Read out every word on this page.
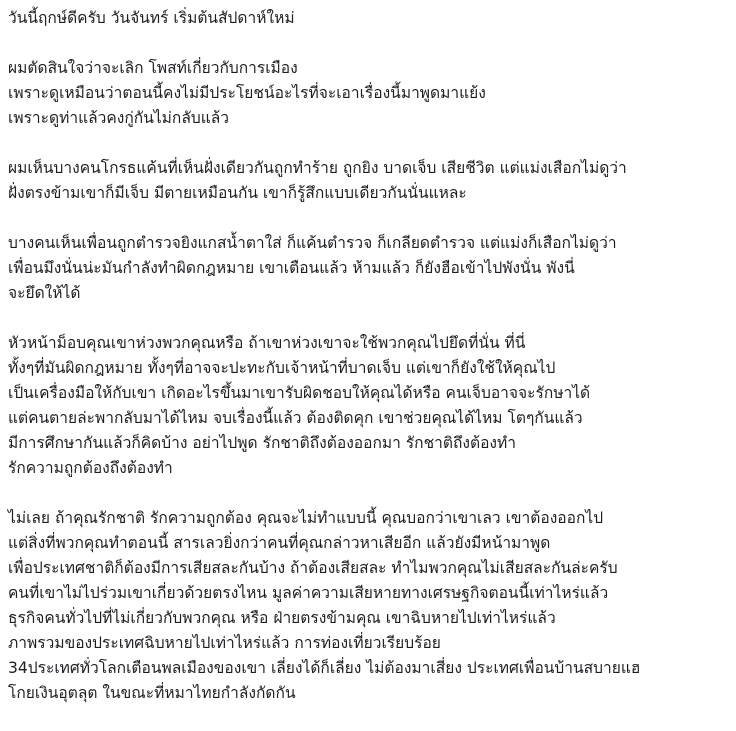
วันนี้ฤกษ์ดีครับ วันจันทร์ เริ่มต้นสัปดาห์ใหม่
ผมตัดสินใจว่าจะเลิก โพสท์เกี่ยวกับการเมือง
เพราะดูเหมือนว่าตอนนี้คงไม่มีประโยชน์อะไรที่จะเอาเรื่องนี้มาพูดมาแย้ง
เพราะดูท่าแล้วคงกู่กันไม่กลับแล้ว
ผมเห็นบางคนโกรธแค้นที่เห็นฝั่งเดียวกันถูกทำร้าย ถูกยิง บาดเจ็บ เสียชีวิต แต่แม่งเสือกไม่ดูว่า
ฝั่งตรงข้ามเขาก็มีเจ็บ มีตายเหมือนกัน เขาก็รู้สึกแบบเดียวกันนั่นแหละ
บางคนเห็นเพื่อนถูกตำรวจยิงแกสน้ำตาใส่ ก็แค้นตำรวจ ก็เกลียดตำรวจ แต่แม่งก็เสือกไม่ดูว่า
เพื่อนมึงนั่นน่ะมันกำลังทำผิดกฎหมาย เขาเตือนแล้ว ห้ามแล้ว ก็ยังฮือเข้าไปพังนั่น พังนี่
จะยึดให้ได้
หัวหน้าม็อบคุณเขาห่วงพวกคุณหรือ ถ้าเขาห่วงเขาจะใช้พวกคุณไปยึดที่นั่น ที่นี่
ทั้งๆที่มันผิดกฎหมาย ทั้งๆที่อาจจะปะทะกับเจ้าหน้าที่บาดเจ็บ แต่เขาก็ยังใช้ให้คุณไป
เป็นเครื่องมือให้กับเขา เกิดอะไรขึ้นมาเขารับผิดชอบให้คุณได้หรือ คนเจ็บอาจจะรักษาได้
แต่คนตายล่ะพากลับมาได้ไหม จบเรื่องนี้แล้ว ต้องติดคุก เขาช่วยคุณได้ไหม โตๆกันแล้ว
มีการศึกษากันแล้วก็คิดบ้าง อย่าไปพูด รักชาติถึงต้องออกมา รักชาติถึงต้องทำ
รักความถูกต้องถึงต้องทำ
ไม่เลย ถ้าคุณรักชาติ รักความถูกต้อง คุณจะไม่ทำแบบนี้ คุณบอกว่าเขาเลว เขาต้องออกไป
แต่สิ่งที่พวกคุณทำตอนนี้ สารเลวยิ่งกว่าคนที่คุณกล่าวหาเสียอีก แล้วยังมีหน้ามาพูด
เพื่อประเทศชาติก็ต้องมีการเสียสละกันบ้าง ถ้าต้องเสียสละ ทำไมพวกคุณไม่เสียสละกันล่ะครับ
คนที่เขาไม่ไปร่วมเขาเกี่ยวด้วยตรงไหน มูลค่าความเสียหายทางเศรษฐกิจตอนนี้เท่าไหร่แล้ว
ธุรกิจคนทั่วไปที่ไม่เกี่ยวกับพวกคุณ หรือ ฝ่ายตรงข้ามคุณ เขาฉิบหายไปเท่าไหร่แล้ว
ภาพรวมของประเทศฉิบหายไปเท่าไหร่แล้ว การท่องเที่ยวเรียบร้อย
34ประเทศทั่วโลกเตือนพลเมืองของเขา เลี่ยงได้ก็เลี่ยง ไม่ต้องมาเสี่ยง ประเทศเพื่อนบ้านสบายแฮ
โกยเงินอุตลุต ในขณะที่หมาไทยกำลังกัดกัน
